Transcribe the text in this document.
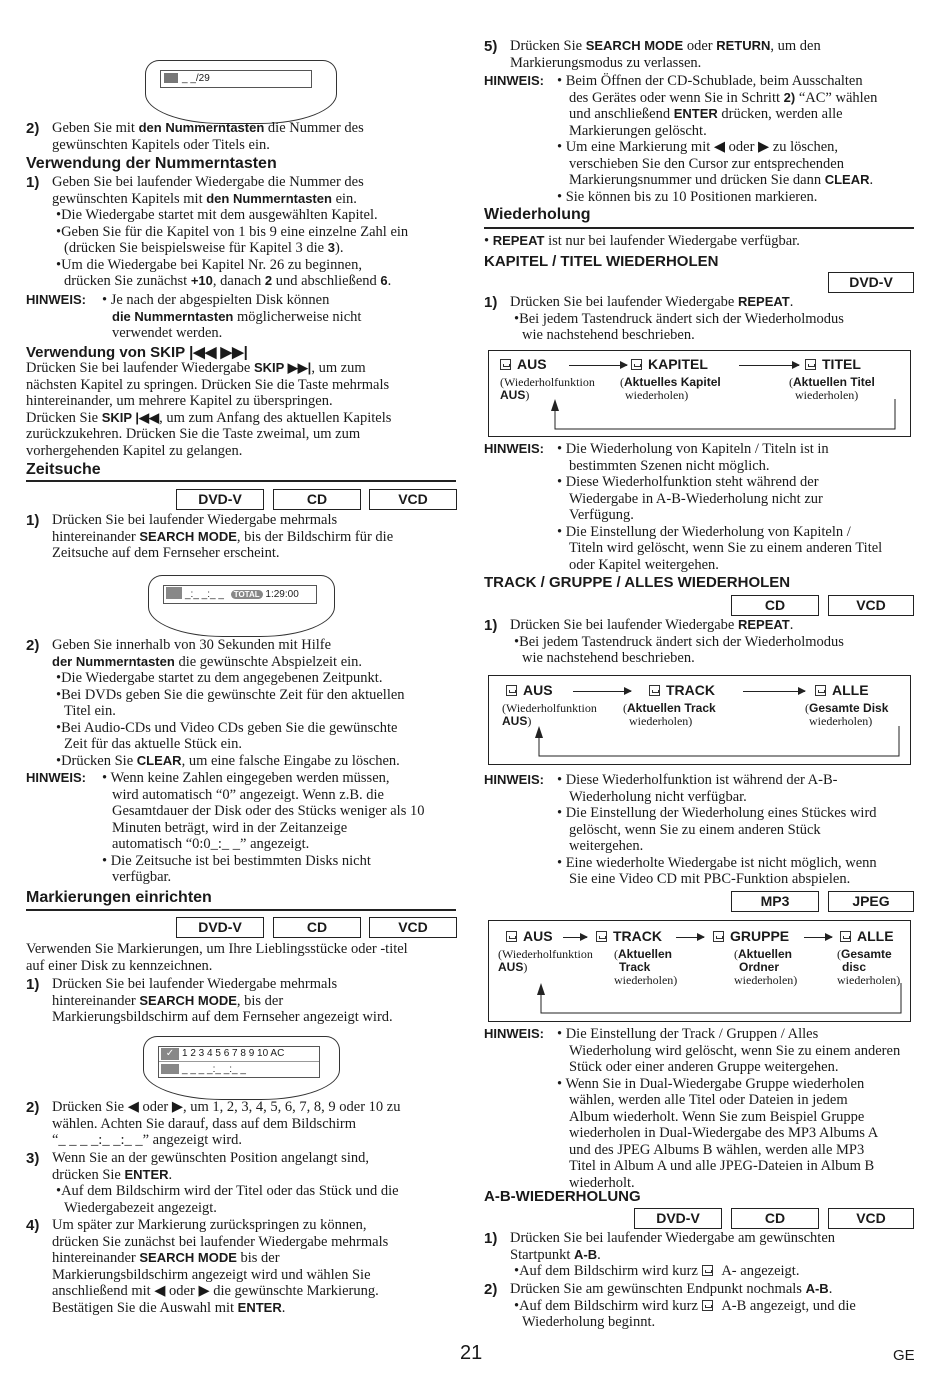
_ _/29
2) Geben Sie mit den Nummerntasten die Nummer des
gewünschten Kapitels oder Titels ein.
Verwendung der Nummerntasten
1) Geben Sie bei laufender Wiedergabe die Nummer des
gewünschten Kapitels mit den Nummerntasten ein.
•Die Wiedergabe startet mit dem ausgewählten Kapitel.
•Geben Sie für die Kapitel von 1 bis 9 eine einzelne Zahl ein
(drücken Sie beispielsweise für Kapitel 3 die 3).
•Um die Wiedergabe bei Kapitel Nr. 26 zu beginnen,
drücken Sie zunächst +10, danach 2 und abschließend 6.
HINWEIS: • Je nach der abgespielten Disk können
die Nummerntasten möglicherweise nicht
verwendet werden.
Verwendung von SKIP |◀◀ ▶▶|
Drücken Sie bei laufender Wiedergabe SKIP ▶▶|, um zum
nächsten Kapitel zu springen. Drücken Sie die Taste mehrmals
hintereinander, um mehrere Kapitel zu überspringen.
Drücken Sie SKIP |◀◀, um zum Anfang des aktuellen Kapitels
zurückzukehren. Drücken Sie die Taste zweimal, um zum
vorhergehenden Kapitel zu gelangen.
Zeitsuche
DVD-V	CD	VCD
1) Drücken Sie bei laufender Wiedergabe mehrmals
hintereinander SEARCH MODE, bis der Bildschirm für die
Zeitsuche auf dem Fernseher erscheint.
_:_ _:_ _ TOTAL 1:29:00
2) Geben Sie innerhalb von 30 Sekunden mit Hilfe
der Nummerntasten die gewünschte Abspielzeit ein.
•Die Wiedergabe startet zu dem angegebenen Zeitpunkt.
•Bei DVDs geben Sie die gewünschte Zeit für den aktuellen
Titel ein.
•Bei Audio-CDs und Video CDs geben Sie die gewünschte
Zeit für das aktuelle Stück ein.
•Drücken Sie CLEAR, um eine falsche Eingabe zu löschen.
HINWEIS: • Wenn keine Zahlen eingegeben werden müssen,
wird automatisch “0” angezeigt. Wenn z.B. die
Gesamtdauer der Disk oder des Stücks weniger als 10
Minuten beträgt, wird in der Zeitanzeige
automatisch “0:0_:_ _” angezeigt.
• Die Zeitsuche ist bei bestimmten Disks nicht
verfügbar.
Markierungen einrichten
DVD-V	CD	VCD
Verwenden Sie Markierungen, um Ihre Lieblingsstücke oder -titel
auf einer Disk zu kennzeichnen.
1) Drücken Sie bei laufender Wiedergabe mehrmals
hintereinander SEARCH MODE, bis der
Markierungsbildschirm auf dem Fernseher angezeigt wird.
✓ 1 2 3 4 5 6 7 8 9 10 AC
_ _ _ _:_ _:_ _
2) Drücken Sie ◀ oder ▶, um 1, 2, 3, 4, 5, 6, 7, 8, 9 oder 10 zu
wählen. Achten Sie darauf, dass auf dem Bildschirm
“_ _ _ _:_ _:_ _” angezeigt wird.
3) Wenn Sie an der gewünschten Position angelangt sind,
drücken Sie ENTER.
•Auf dem Bildschirm wird der Titel oder das Stück und die
Wiedergabezeit angezeigt.
4) Um später zur Markierung zurückspringen zu können,
drücken Sie zunächst bei laufender Wiedergabe mehrmals
hintereinander SEARCH MODE bis der
Markierungsbildschirm angezeigt wird und wählen Sie
anschließend mit ◀ oder ▶ die gewünschte Markierung.
Bestätigen Sie die Auswahl mit ENTER.
5) Drücken Sie SEARCH MODE oder RETURN, um den
Markierungsmodus zu verlassen.
HINWEIS: • Beim Öffnen der CD-Schublade, beim Ausschalten
des Gerätes oder wenn Sie in Schritt 2) “AC” wählen
und anschließend ENTER drücken, werden alle
Markierungen gelöscht.
• Um eine Markierung mit ◀ oder ▶ zu löschen,
verschieben Sie den Cursor zur entsprechenden
Markierungsnummer und drücken Sie dann CLEAR.
• Sie können bis zu 10 Positionen markieren.
Wiederholung
• REPEAT ist nur bei laufender Wiedergabe verfügbar.
KAPITEL / TITEL WIEDERHOLEN
DVD-V
1) Drücken Sie bei laufender Wiedergabe REPEAT.
•Bei jedem Tastendruck ändert sich der Wiederholmodus
wie nachstehend beschrieben.
AUS	KAPITEL	TITEL
(Wiederholfunktion
AUS)
(Aktuelles Kapitel
wiederholen)
(Aktuellen Titel
wiederholen)
HINWEIS: • Die Wiederholung von Kapiteln / Titeln ist in
bestimmten Szenen nicht möglich.
• Diese Wiederholfunktion steht während der
Wiedergabe in A-B-Wiederholung nicht zur
Verfügung.
• Die Einstellung der Wiederholung von Kapiteln /
Titeln wird gelöscht, wenn Sie zu einem anderen Titel
oder Kapitel weitergehen.
TRACK / GRUPPE / ALLES WIEDERHOLEN
CD	VCD
1) Drücken Sie bei laufender Wiedergabe REPEAT.
•Bei jedem Tastendruck ändert sich der Wiederholmodus
wie nachstehend beschrieben.
AUS	TRACK	ALLE
(Wiederholfunktion
AUS)
(Aktuellen Track
wiederholen)
(Gesamte Disk
wiederholen)
HINWEIS: • Diese Wiederholfunktion ist während der A-B-
Wiederholung nicht verfügbar.
• Die Einstellung der Wiederholung eines Stückes wird
gelöscht, wenn Sie zu einem anderen Stück
weitergehen.
• Eine wiederholte Wiedergabe ist nicht möglich, wenn
Sie eine Video CD mit PBC-Funktion abspielen.
MP3	JPEG
AUS	TRACK	GRUPPE	ALLE
(Wiederholfunktion
AUS)
(Aktuellen
Track
wiederholen)
(Aktuellen
Ordner
wiederholen)
(Gesamte
disc
wiederholen)
HINWEIS: • Die Einstellung der Track / Gruppen / Alles
Wiederholung wird gelöscht, wenn Sie zu einem anderen
Stück oder einer anderen Gruppe weitergehen.
• Wenn Sie in Dual-Wiedergabe Gruppe wiederholen
wählen, werden alle Titel oder Dateien in jedem
Album wiederholt. Wenn Sie zum Beispiel Gruppe
wiederholen in Dual-Wiedergabe des MP3 Albums A
und des JPEG Albums B wählen, werden alle MP3
Titel in Album A und alle JPEG-Dateien in Album B
wiederholt.
A-B-WIEDERHOLUNG
DVD-V	CD	VCD
1) Drücken Sie bei laufender Wiedergabe am gewünschten
Startpunkt A-B.
•Auf dem Bildschirm wird kurz  A- angezeigt.
2) Drücken Sie am gewünschten Endpunkt nochmals A-B.
•Auf dem Bildschirm wird kurz  A-B angezeigt, und die
Wiederholung beginnt.
21	GE
